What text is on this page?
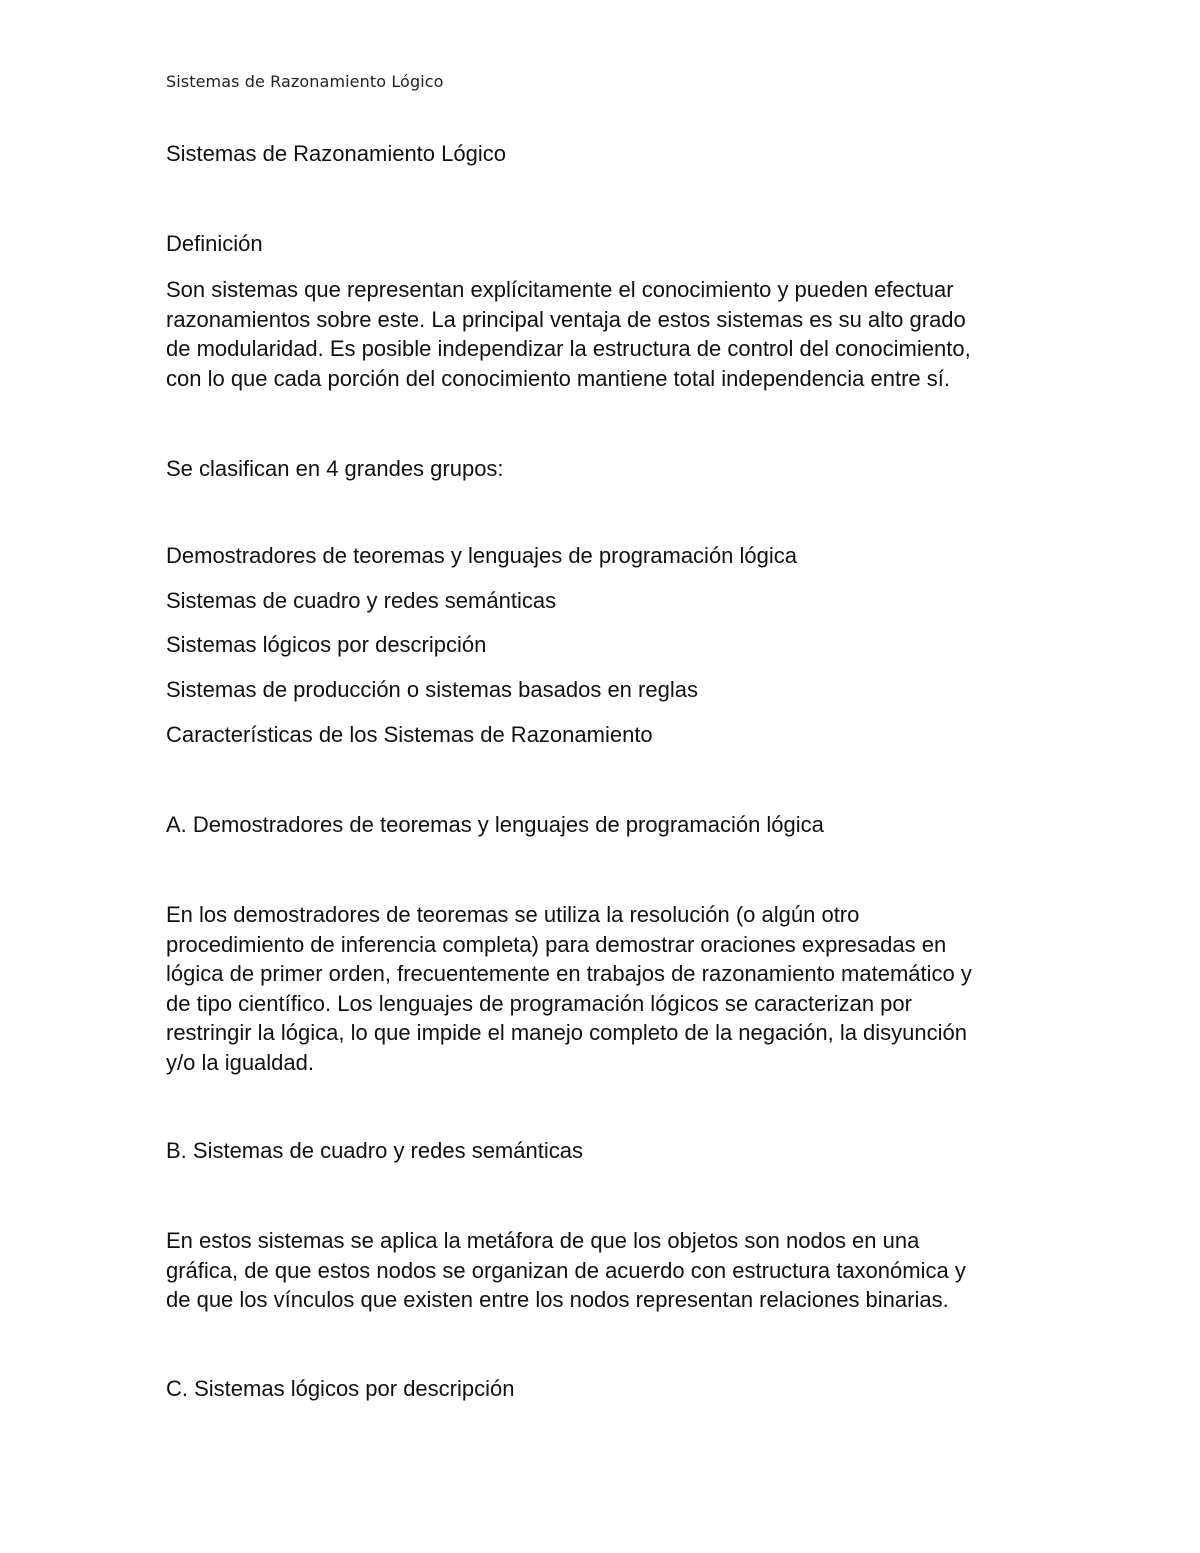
Sistemas de Razonamiento Lógico
Sistemas de Razonamiento Lógico
Definición
Son sistemas que representan explícitamente el conocimiento y pueden efectuar
razonamientos sobre este. La principal ventaja de estos sistemas es su alto grado
de modularidad. Es posible independizar la estructura de control del conocimiento,
con lo que cada porción del conocimiento mantiene total independencia entre sí.
Se clasifican en 4 grandes grupos:
Demostradores de teoremas y lenguajes de programación lógica
Sistemas de cuadro y redes semánticas
Sistemas lógicos por descripción
Sistemas de producción o sistemas basados en reglas
Características de los Sistemas de Razonamiento
A. Demostradores de teoremas y lenguajes de programación lógica
En los demostradores de teoremas se utiliza la resolución (o algún otro
procedimiento de inferencia completa) para demostrar oraciones expresadas en
lógica de primer orden, frecuentemente en trabajos de razonamiento matemático y
de tipo científico. Los lenguajes de programación lógicos se caracterizan por
restringir la lógica, lo que impide el manejo completo de la negación, la disyunción
y/o la igualdad.
B. Sistemas de cuadro y redes semánticas
En estos sistemas se aplica la metáfora de que los objetos son nodos en una
gráfica, de que estos nodos se organizan de acuerdo con estructura taxonómica y
de que los vínculos que existen entre los nodos representan relaciones binarias.
C. Sistemas lógicos por descripción
